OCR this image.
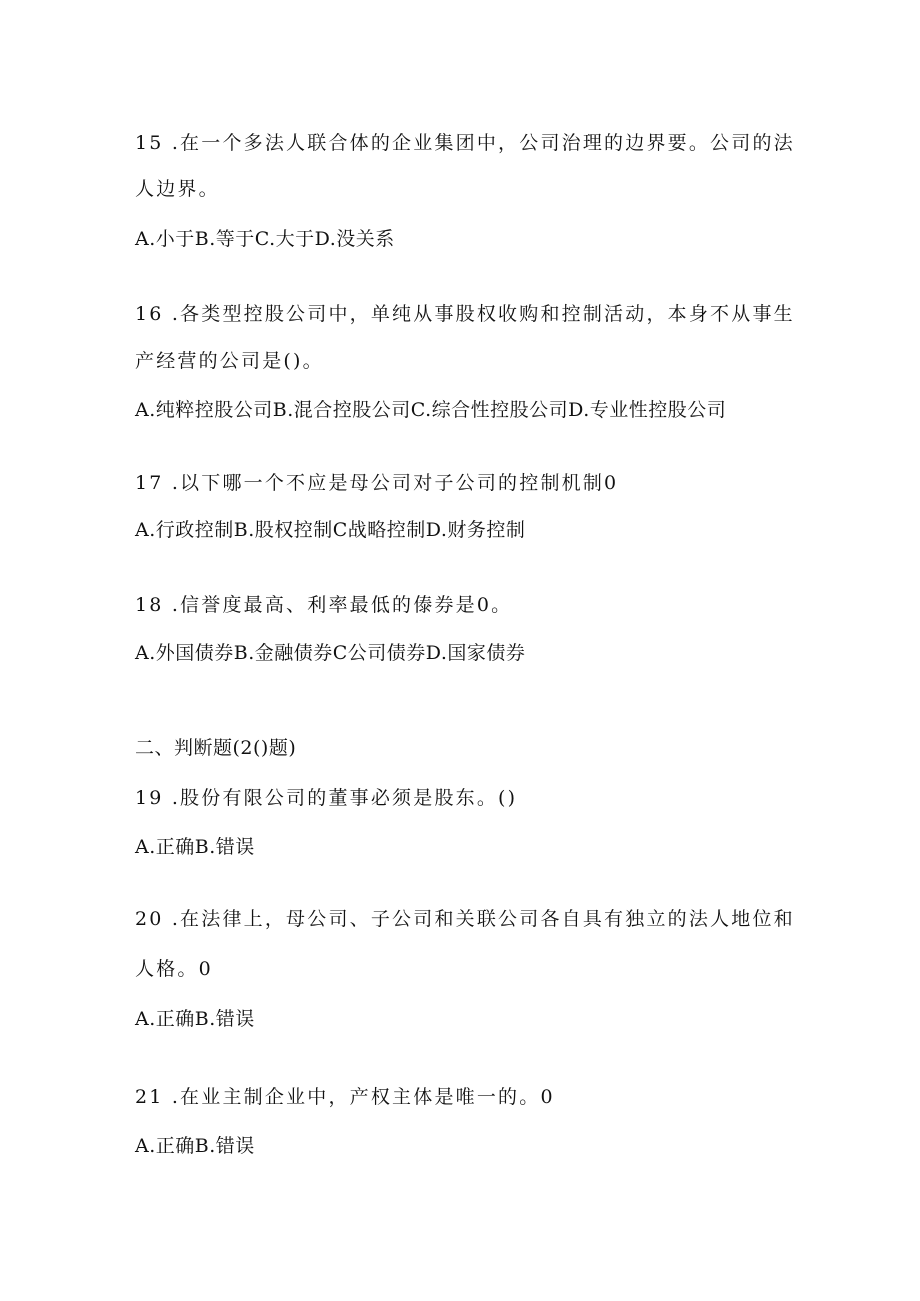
15 .在一个多法人联合体的企业集团中，公司治理的边界要。公司的法
人边界。
A.小于B.等于C.大于D.没关系
16 .各类型控股公司中，单纯从事股权收购和控制活动，本身不从事生
产经营的公司是()。
A.纯粹控股公司B.混合控股公司C.综合性控股公司D.专业性控股公司
17 .以下哪一个不应是母公司对子公司的控制机制0
A.行政控制B.股权控制C战略控制D.财务控制
18 .信誉度最高、利率最低的傣券是0。
A.外国债券B.金融债券C公司债券D.国家债券
二、判断题(2()题)
19 .股份有限公司的董事必须是股东。()
A.正确B.错误
20 .在法律上，母公司、子公司和关联公司各自具有独立的法人地位和
人格。0
A.正确B.错误
21 .在业主制企业中，产权主体是唯一的。0
A.正确B.错误
